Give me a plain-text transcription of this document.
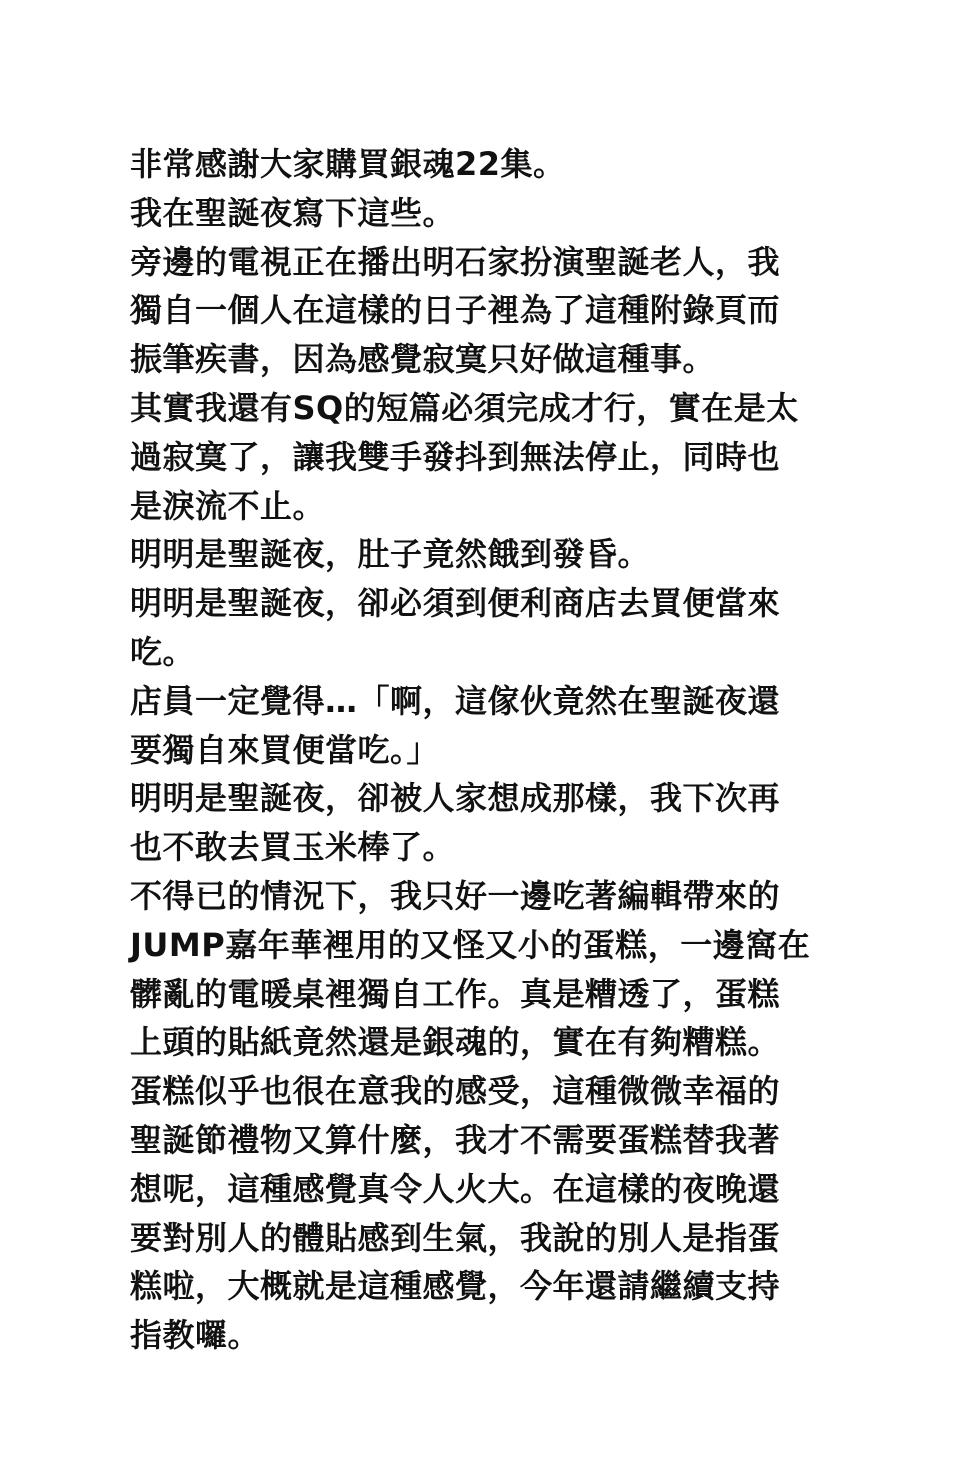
非常感謝大家購買銀魂22集。
我在聖誕夜寫下這些。
旁邊的電視正在播出明石家扮演聖誕老人，我
獨自一個人在這樣的日子裡為了這種附錄頁而
振筆疾書，因為感覺寂寞只好做這種事。
其實我還有SQ的短篇必須完成才行，實在是太
過寂寞了，讓我雙手發抖到無法停止，同時也
是淚流不止。
明明是聖誕夜，肚子竟然餓到發昏。
明明是聖誕夜，卻必須到便利商店去買便當來
吃。
店員一定覺得…「啊，這傢伙竟然在聖誕夜還
要獨自來買便當吃。」
明明是聖誕夜，卻被人家想成那樣，我下次再
也不敢去買玉米棒了。
不得已的情況下，我只好一邊吃著編輯帶來的
JUMP嘉年華裡用的又怪又小的蛋糕，一邊窩在
髒亂的電暖桌裡獨自工作。真是糟透了，蛋糕
上頭的貼紙竟然還是銀魂的，實在有夠糟糕。
蛋糕似乎也很在意我的感受，這種微微幸福的
聖誕節禮物又算什麼，我才不需要蛋糕替我著
想呢，這種感覺真令人火大。在這樣的夜晚還
要對別人的體貼感到生氣，我說的別人是指蛋
糕啦，大概就是這種感覺，今年還請繼續支持
指教囉。
